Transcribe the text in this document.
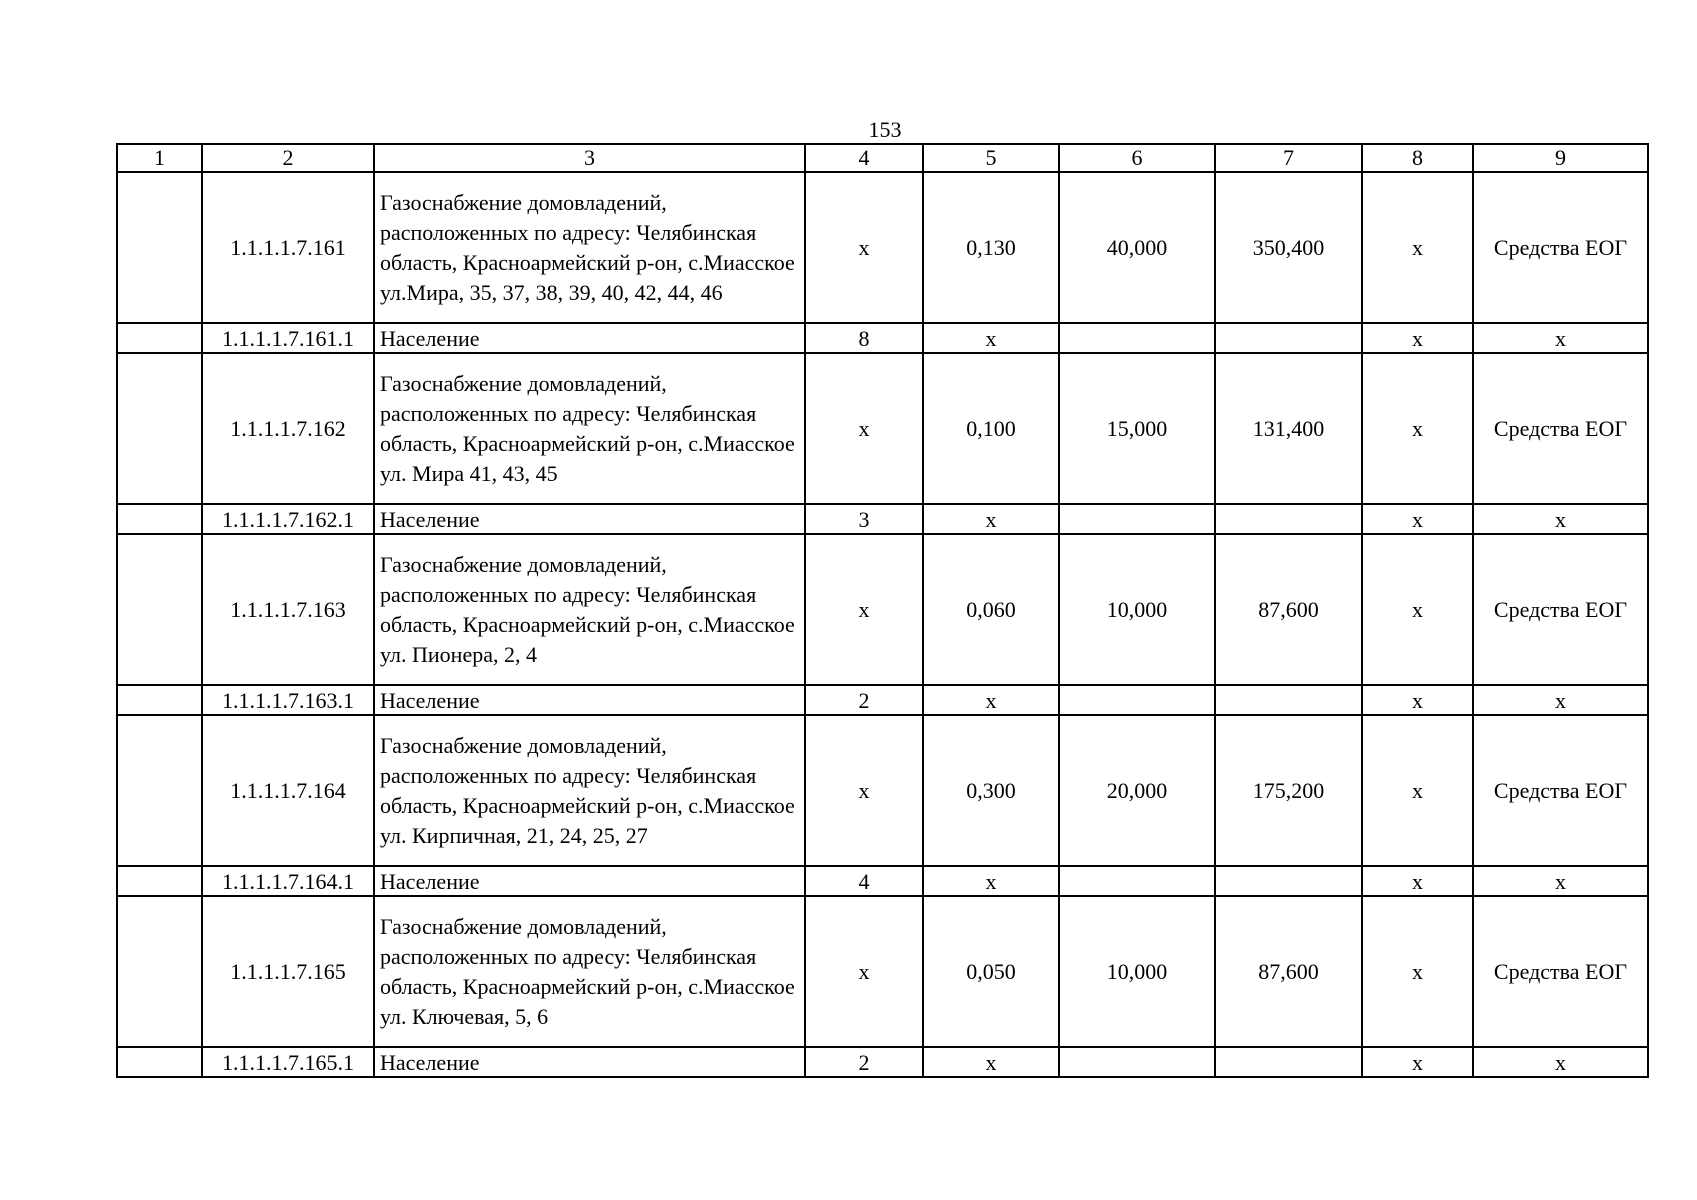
153
1	2	3	4	5	6	7	8	9
	1.1.1.1.7.161	Газоснабжение домовладений, расположенных по адресу: Челябинская область, Красноармейский р-он, с.Миасское ул.Мира, 35, 37, 38, 39, 40, 42, 44, 46	х	0,130	40,000	350,400	х	Средства ЕОГ
	1.1.1.1.7.161.1	Население	8	х			х	х
	1.1.1.1.7.162	Газоснабжение домовладений, расположенных по адресу: Челябинская область, Красноармейский р-он, с.Миасское ул. Мира 41, 43, 45	х	0,100	15,000	131,400	х	Средства ЕОГ
	1.1.1.1.7.162.1	Население	3	х			х	х
	1.1.1.1.7.163	Газоснабжение домовладений, расположенных по адресу: Челябинская область, Красноармейский р-он, с.Миасское ул. Пионера, 2, 4	х	0,060	10,000	87,600	х	Средства ЕОГ
	1.1.1.1.7.163.1	Население	2	х			х	х
	1.1.1.1.7.164	Газоснабжение домовладений, расположенных по адресу: Челябинская область, Красноармейский р-он, с.Миасское ул. Кирпичная, 21, 24, 25, 27	х	0,300	20,000	175,200	х	Средства ЕОГ
	1.1.1.1.7.164.1	Население	4	х			х	х
	1.1.1.1.7.165	Газоснабжение домовладений, расположенных по адресу: Челябинская область, Красноармейский р-он, с.Миасское ул. Ключевая, 5, 6	х	0,050	10,000	87,600	х	Средства ЕОГ
	1.1.1.1.7.165.1	Население	2	х			х	х
